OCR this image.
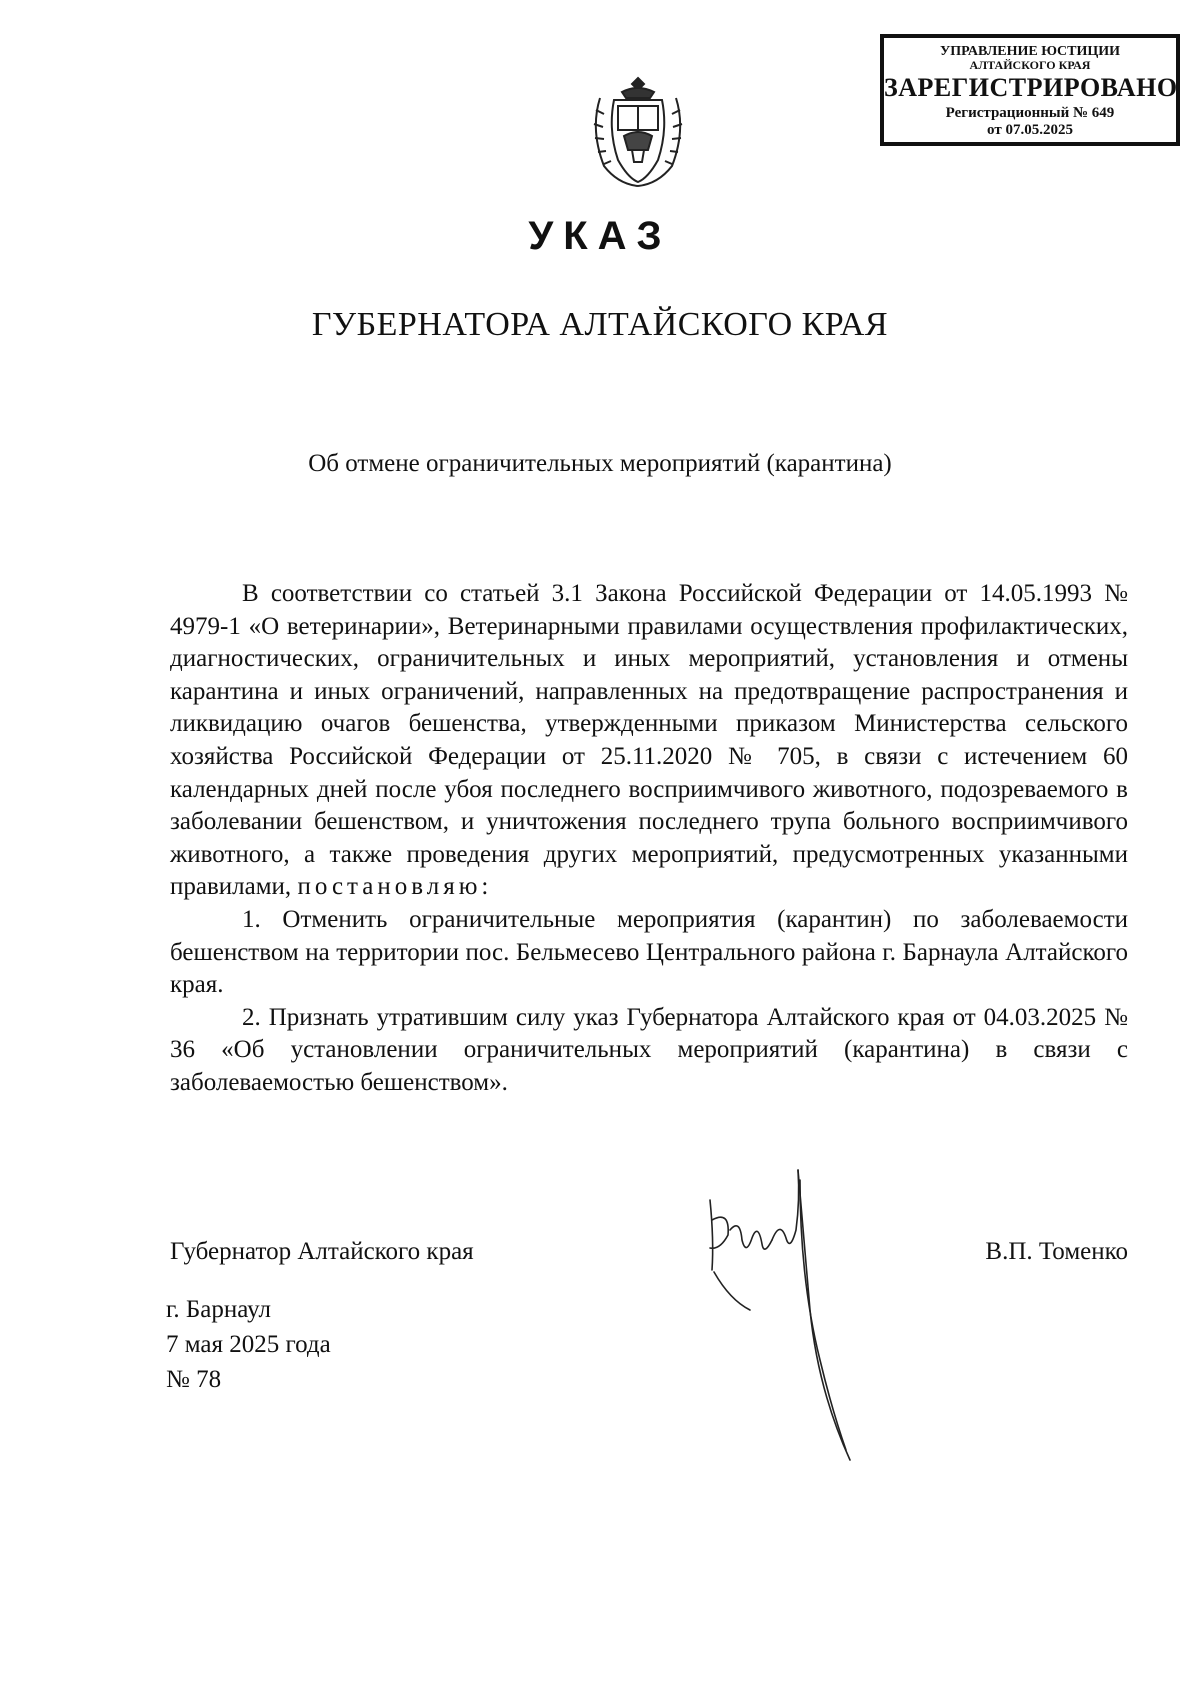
УПРАВЛЕНИЕ ЮСТИЦИИ
АЛТАЙСКОГО КРАЯ
ЗАРЕГИСТРИРОВАНО
Регистрационный № 649
от 07.05.2025
УКАЗ
ГУБЕРНАТОРА АЛТАЙСКОГО КРАЯ
Об отмене ограничительных мероприятий (карантина)

В соответствии со статьей 3.1 Закона Российской Федерации от 14.05.1993 № 4979-1 «О ветеринарии», Ветеринарными правилами осуществления профилактических, диагностических, ограничительных и иных мероприятий, установления и отмены карантина и иных ограничений, направленных на предотвращение распространения и ликвидацию очагов бешенства, утвержденными приказом Министерства сельского хозяйства Российской Федерации от 25.11.2020 № 705, в связи с истечением 60 календарных дней после убоя последнего восприимчивого животного, подозреваемого в заболевании бешенством, и уничтожения последнего трупа больного восприимчивого животного, а также проведения других мероприятий, предусмотренных указанными правилами, постановляю:

1. Отменить ограничительные мероприятия (карантин) по заболеваемости бешенством на территории пос. Бельмесево Центрального района г. Барнаула Алтайского края.

2. Признать утратившим силу указ Губернатора Алтайского края от 04.03.2025 № 36 «Об установлении ограничительных мероприятий (карантина) в связи с заболеваемостью бешенством».

Губернатор Алтайского края	В.П. Томенко
г. Барнаул
7 мая 2025 года
№ 78
